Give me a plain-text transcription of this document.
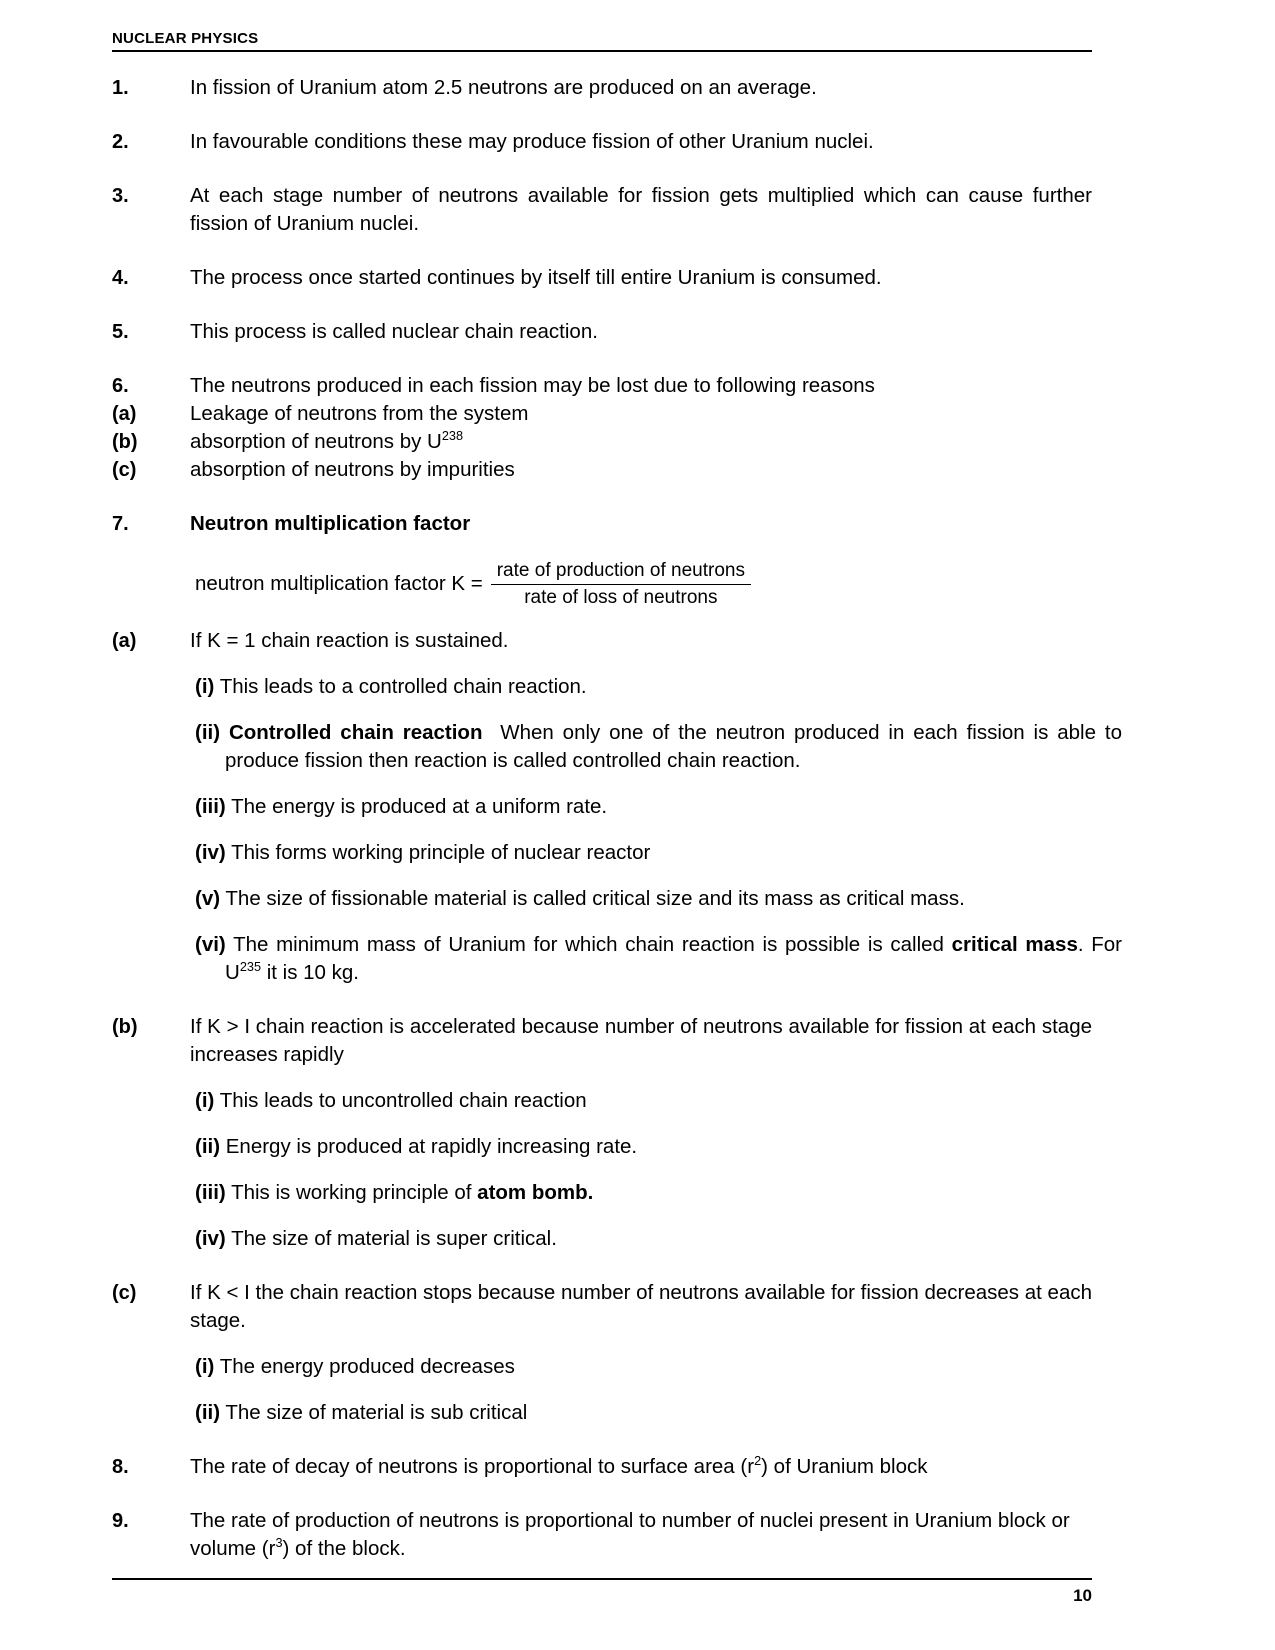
NUCLEAR PHYSICS
1.	In fission of Uranium atom 2.5 neutrons are produced on an average.
2.	In favourable conditions these may produce fission of other Uranium nuclei.
3.	At each stage number of neutrons available for fission gets multiplied which can cause further fission of Uranium nuclei.
4.	The process once started continues by itself till entire Uranium is consumed.
5.	This process is called nuclear chain reaction.
6.	The neutrons produced in each fission may be lost due to following reasons
(a)	Leakage of neutrons from the system
(b)	absorption of neutrons by $U^{238}$
(c)	absorption of neutrons by impurities
7.	Neutron multiplication factor
neutron multiplication factor $K = \frac{\text{rate of production of neutrons}}{\text{rate of loss of neutrons}}$
(a)	If K = 1 chain reaction is sustained.
(i) This leads to a controlled chain reaction.
(ii) Controlled chain reaction When only one of the neutron produced in each fission is able to produce fission then reaction is called controlled chain reaction.
(iii) The energy is produced at a uniform rate.
(iv) This forms working principle of nuclear reactor
(v) The size of fissionable material is called critical size and its mass as critical mass.
(vi) The minimum mass of Uranium for which chain reaction is possible is called critical mass. For $U^{235}$ it is 10 kg.
(b)	If K > I chain reaction is accelerated because number of neutrons available for fission at each stage increases rapidly
(i) This leads to uncontrolled chain reaction
(ii) Energy is produced at rapidly increasing rate.
(iii) This is working principle of atom bomb.
(iv) The size of material is super critical.
(c)	If K < I the chain reaction stops because number of neutrons available for fission decreases at each stage.
(i) The energy produced decreases
(ii) The size of material is sub critical
8.	The rate of decay of neutrons is proportional to surface area $(r^2)$ of Uranium block
9.	The rate of production of neutrons is proportional to number of nuclei present in Uranium block or volume $(r^3)$ of the block.
10
